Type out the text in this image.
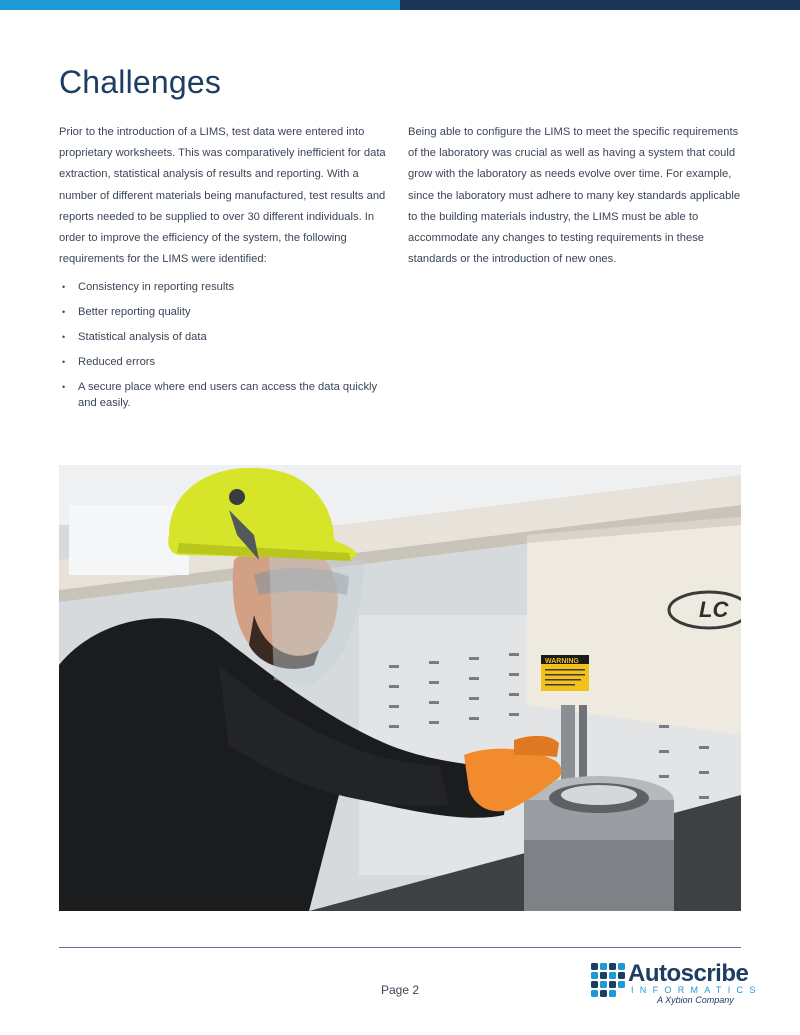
Challenges

Prior to the introduction of a LIMS, test data were entered into proprietary worksheets. This was comparatively inefficient for data extraction, statistical analysis of results and reporting. With a number of different materials being manufactured, test results and reports needed to be supplied to over 30 different individuals. In order to improve the efficiency of the system, the following requirements for the LIMS were identified:

• Consistency in reporting results
• Better reporting quality
• Statistical analysis of data
• Reduced errors
• A secure place where end users can access the data quickly and easily.

Being able to configure the LIMS to meet the specific requirements of the laboratory was crucial as well as having a system that could grow with the laboratory as needs evolve over time. For example, since the laboratory must adhere to many key standards applicable to the building materials industry, the LIMS must be able to accommodate any changes to testing requirements in these standards or the introduction of new ones.

LC
WARNING
Page 2
Autoscribe
INFORMATICS
A Xybion Company
